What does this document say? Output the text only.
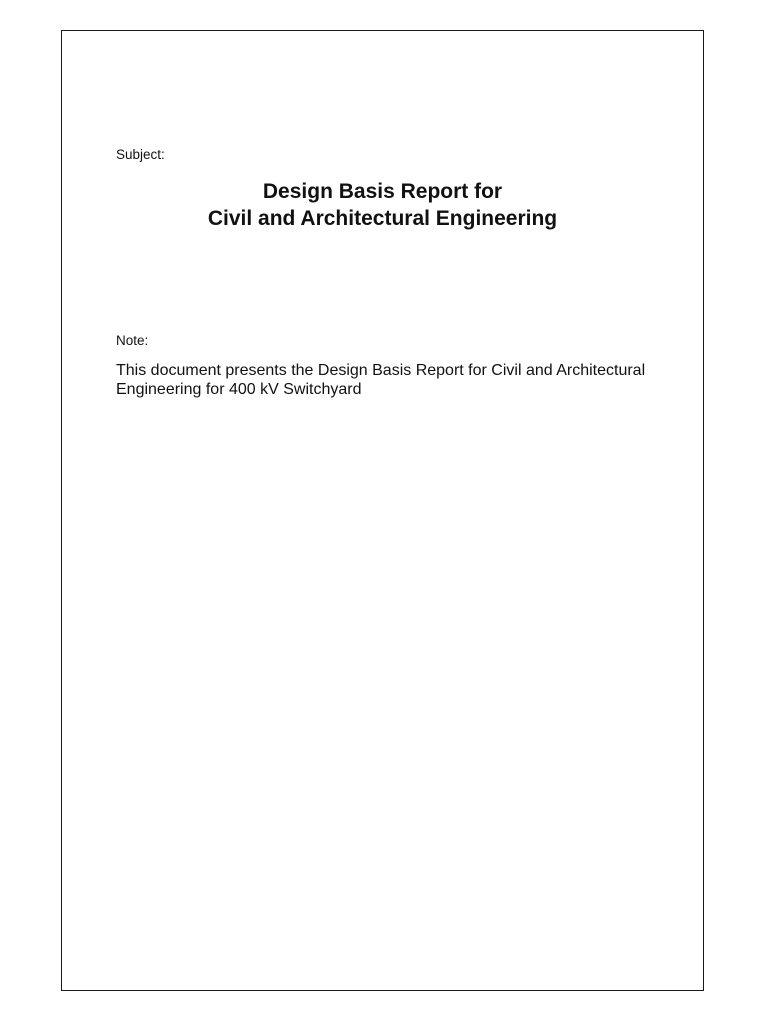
Subject:
Design Basis Report for
Civil and Architectural Engineering
Note:
This document presents the Design Basis Report for Civil and Architectural
Engineering for 400 kV Switchyard
